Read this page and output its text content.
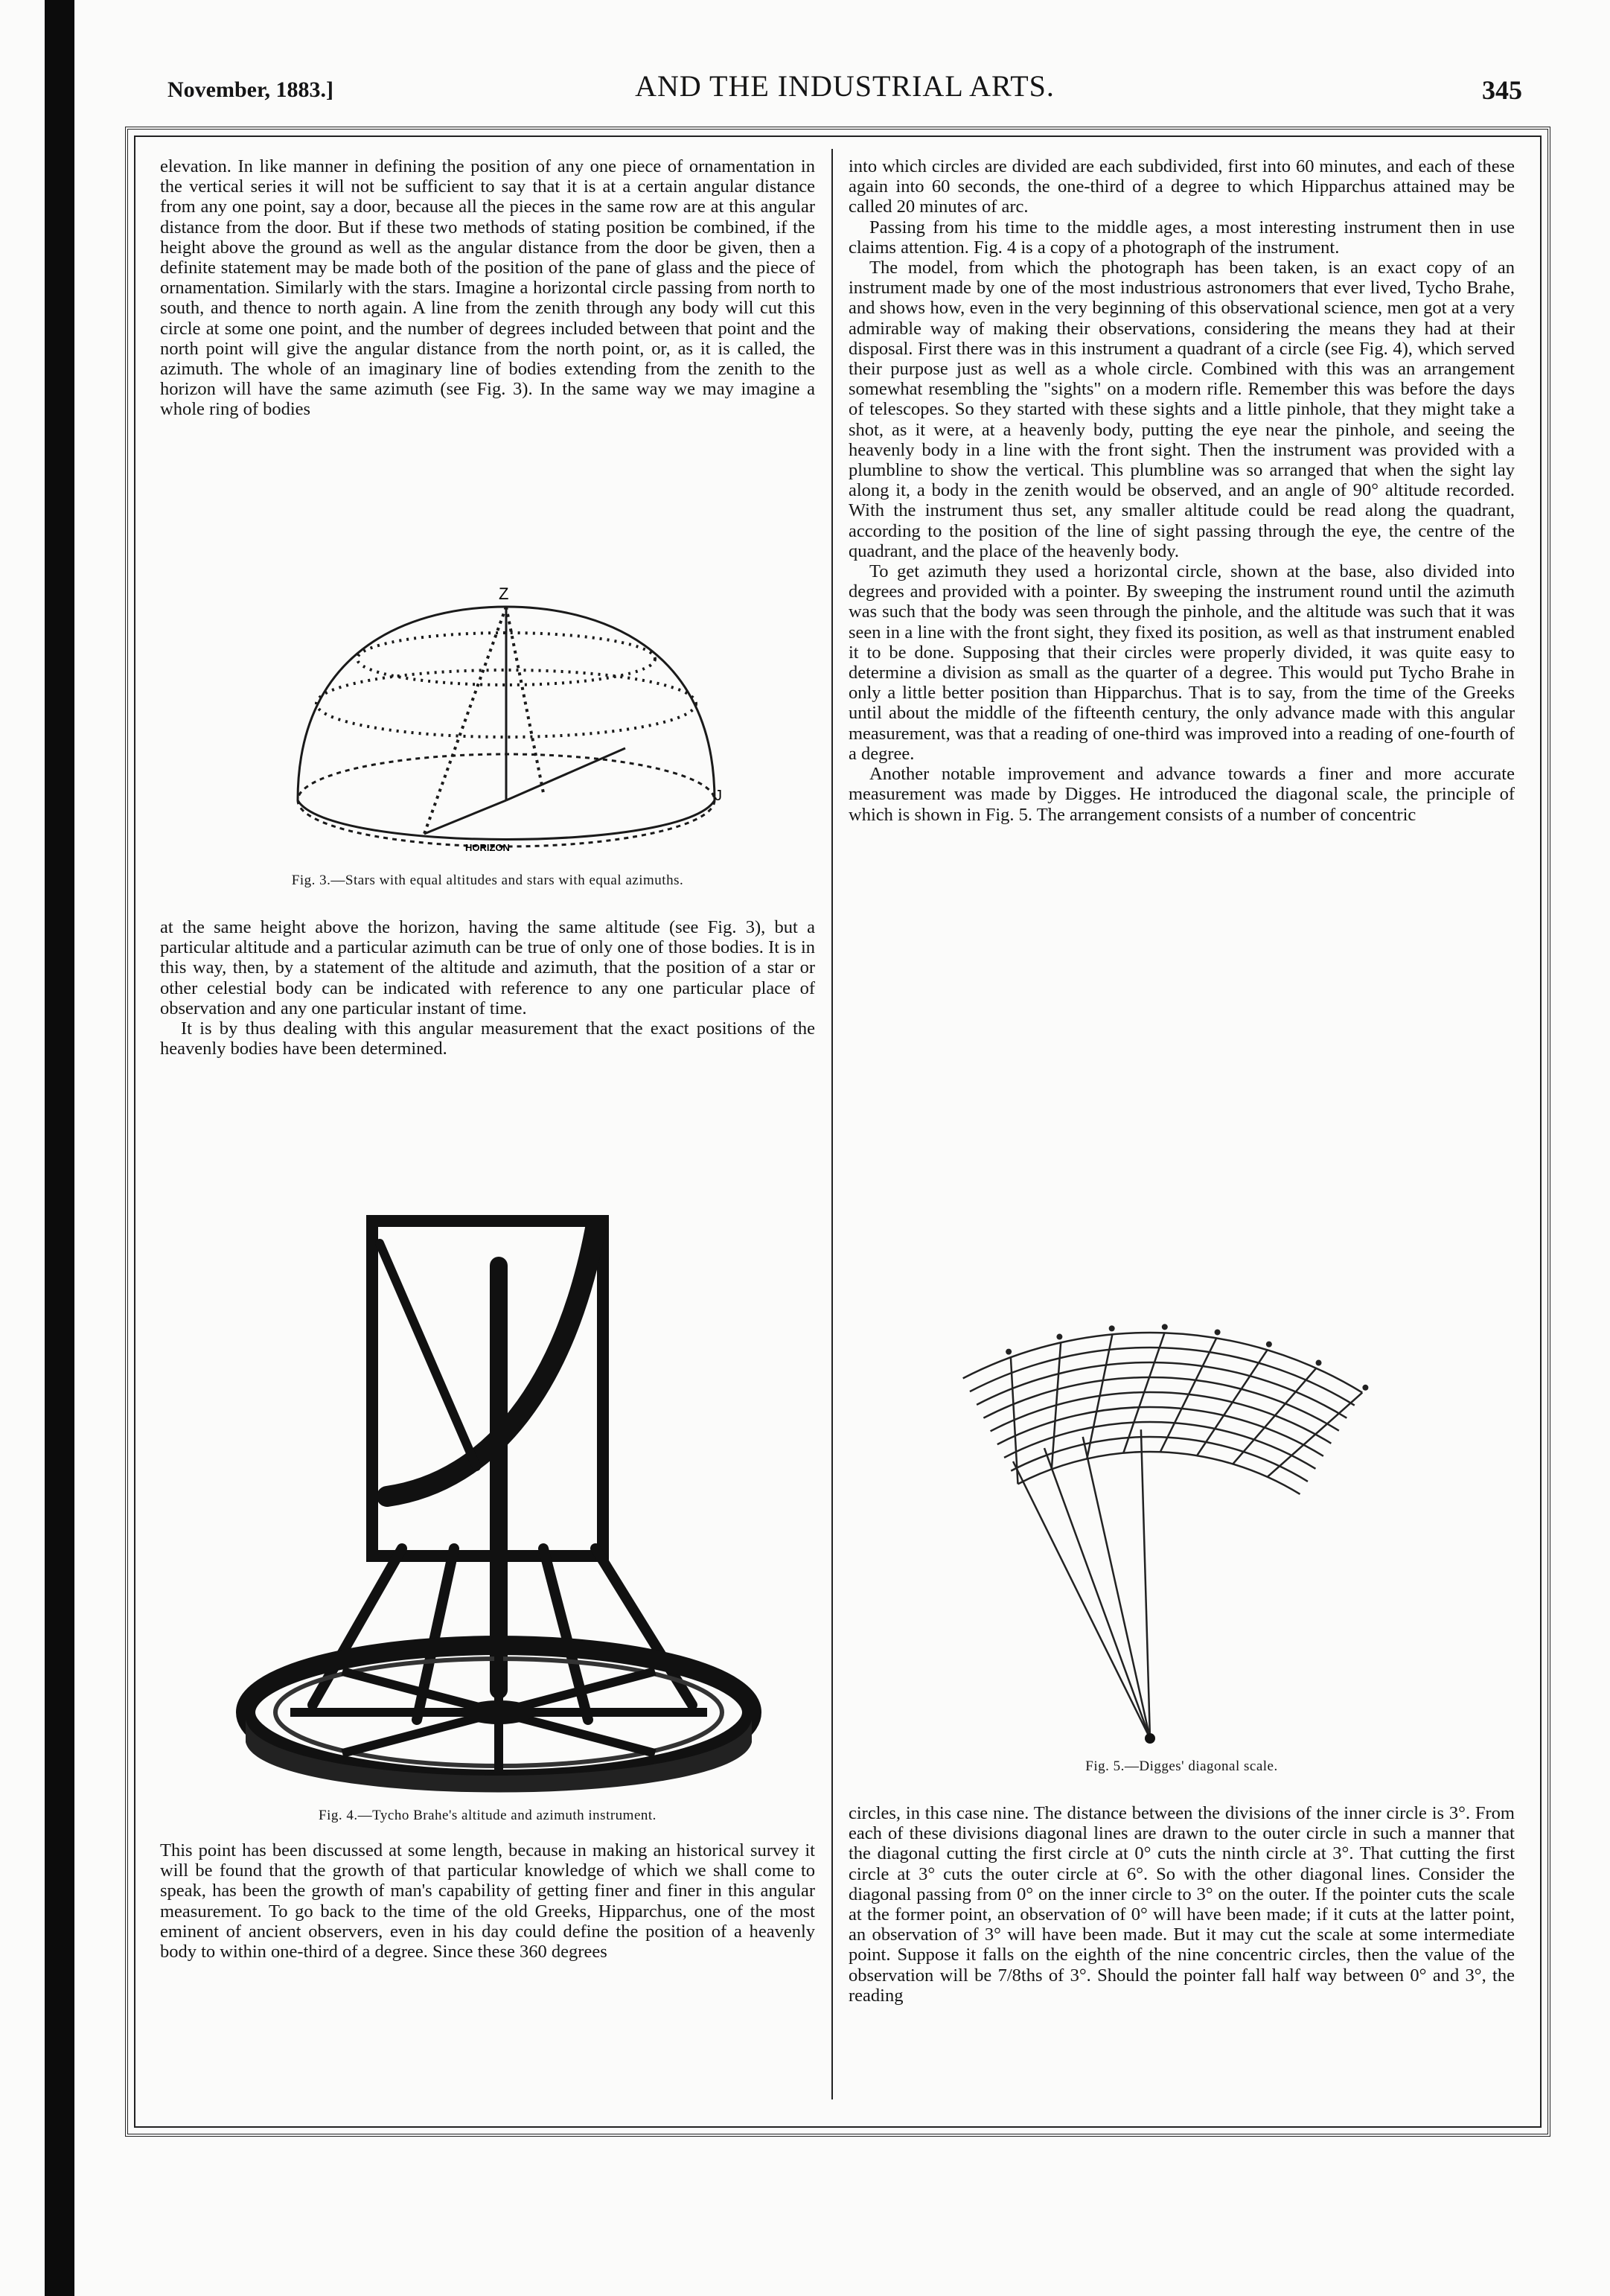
November, 1883.]	AND THE INDUSTRIAL ARTS.	345

elevation. In like manner in defining the position of any one piece of ornamentation in the vertical series it will not be sufficient to say that it is at a certain angular distance from any one point, say a door, because all the pieces in the same row are at this angular distance from the door. But if these two methods of stating position be combined, if the height above the ground as well as the angular distance from the door be given, then a definite statement may be made both of the position of the pane of glass and the piece of ornamentation. Similarly with the stars. Imagine a horizontal circle passing from north to south, and thence to north again. A line from the zenith through any body will cut this circle at some one point, and the number of degrees included between that point and the north point will give the angular distance from the north point, or, as it is called, the azimuth. The whole of an imaginary line of bodies extending from the zenith to the horizon will have the same azimuth (see Fig. 3). In the same way we may imagine a whole ring of bodies

Z
J
HORIZON
Fig. 3.—Stars with equal altitudes and stars with equal azimuths.

at the same height above the horizon, having the same altitude (see Fig. 3), but a particular altitude and a particular azimuth can be true of only one of those bodies. It is in this way, then, by a statement of the altitude and azimuth, that the position of a star or other celestial body can be indicated with reference to any one particular place of observation and any one particular instant of time.

It is by thus dealing with this angular measurement that the exact positions of the heavenly bodies have been determined.

Fig. 4.—Tycho Brahe's altitude and azimuth instrument.

This point has been discussed at some length, because in making an historical survey it will be found that the growth of that particular knowledge of which we shall come to speak, has been the growth of man's capability of getting finer and finer in this angular measurement. To go back to the time of the old Greeks, Hipparchus, one of the most eminent of ancient observers, even in his day could define the position of a heavenly body to within one-third of a degree. Since these 360 degrees

into which circles are divided are each subdivided, first into 60 minutes, and each of these again into 60 seconds, the one-third of a degree to which Hipparchus attained may be called 20 minutes of arc.

Passing from his time to the middle ages, a most interesting instrument then in use claims attention. Fig. 4 is a copy of a photograph of the instrument.

The model, from which the photograph has been taken, is an exact copy of an instrument made by one of the most industrious astronomers that ever lived, Tycho Brahe, and shows how, even in the very beginning of this observational science, men got at a very admirable way of making their observations, considering the means they had at their disposal. First there was in this instrument a quadrant of a circle (see Fig. 4), which served their purpose just as well as a whole circle. Combined with this was an arrangement somewhat resembling the "sights" on a modern rifle. Remember this was before the days of telescopes. So they started with these sights and a little pinhole, that they might take a shot, as it were, at a heavenly body, putting the eye near the pinhole, and seeing the heavenly body in a line with the front sight. Then the instrument was provided with a plumbline to show the vertical. This plumbline was so arranged that when the sight lay along it, a body in the zenith would be observed, and an angle of 90° altitude recorded. With the instrument thus set, any smaller altitude could be read along the quadrant, according to the position of the line of sight passing through the eye, the centre of the quadrant, and the place of the heavenly body.

To get azimuth they used a horizontal circle, shown at the base, also divided into degrees and provided with a pointer. By sweeping the instrument round until the azimuth was such that the body was seen through the pinhole, and the altitude was such that it was seen in a line with the front sight, they fixed its position, as well as that instrument enabled it to be done. Supposing that their circles were properly divided, it was quite easy to determine a division as small as the quarter of a degree. This would put Tycho Brahe in only a little better position than Hipparchus. That is to say, from the time of the Greeks until about the middle of the fifteenth century, the only advance made with this angular measurement, was that a reading of one-third was improved into a reading of one-fourth of a degree.

Another notable improvement and advance towards a finer and more accurate measurement was made by Digges. He introduced the diagonal scale, the principle of which is shown in Fig. 5. The arrangement consists of a number of concentric

Fig. 5.—Digges' diagonal scale.

circles, in this case nine. The distance between the divisions of the inner circle is 3°. From each of these divisions diagonal lines are drawn to the outer circle in such a manner that the diagonal cutting the first circle at 0° cuts the ninth circle at 3°. That cutting the first circle at 3° cuts the outer circle at 6°. So with the other diagonal lines. Consider the diagonal passing from 0° on the inner circle to 3° on the outer. If the pointer cuts the scale at the former point, an observation of 0° will have been made; if it cuts at the latter point, an observation of 3° will have been made. But it may cut the scale at some intermediate point. Suppose it falls on the eighth of the nine concentric circles, then the value of the observation will be 7/8ths of 3°. Should the pointer fall half way between 0° and 3°, the reading
